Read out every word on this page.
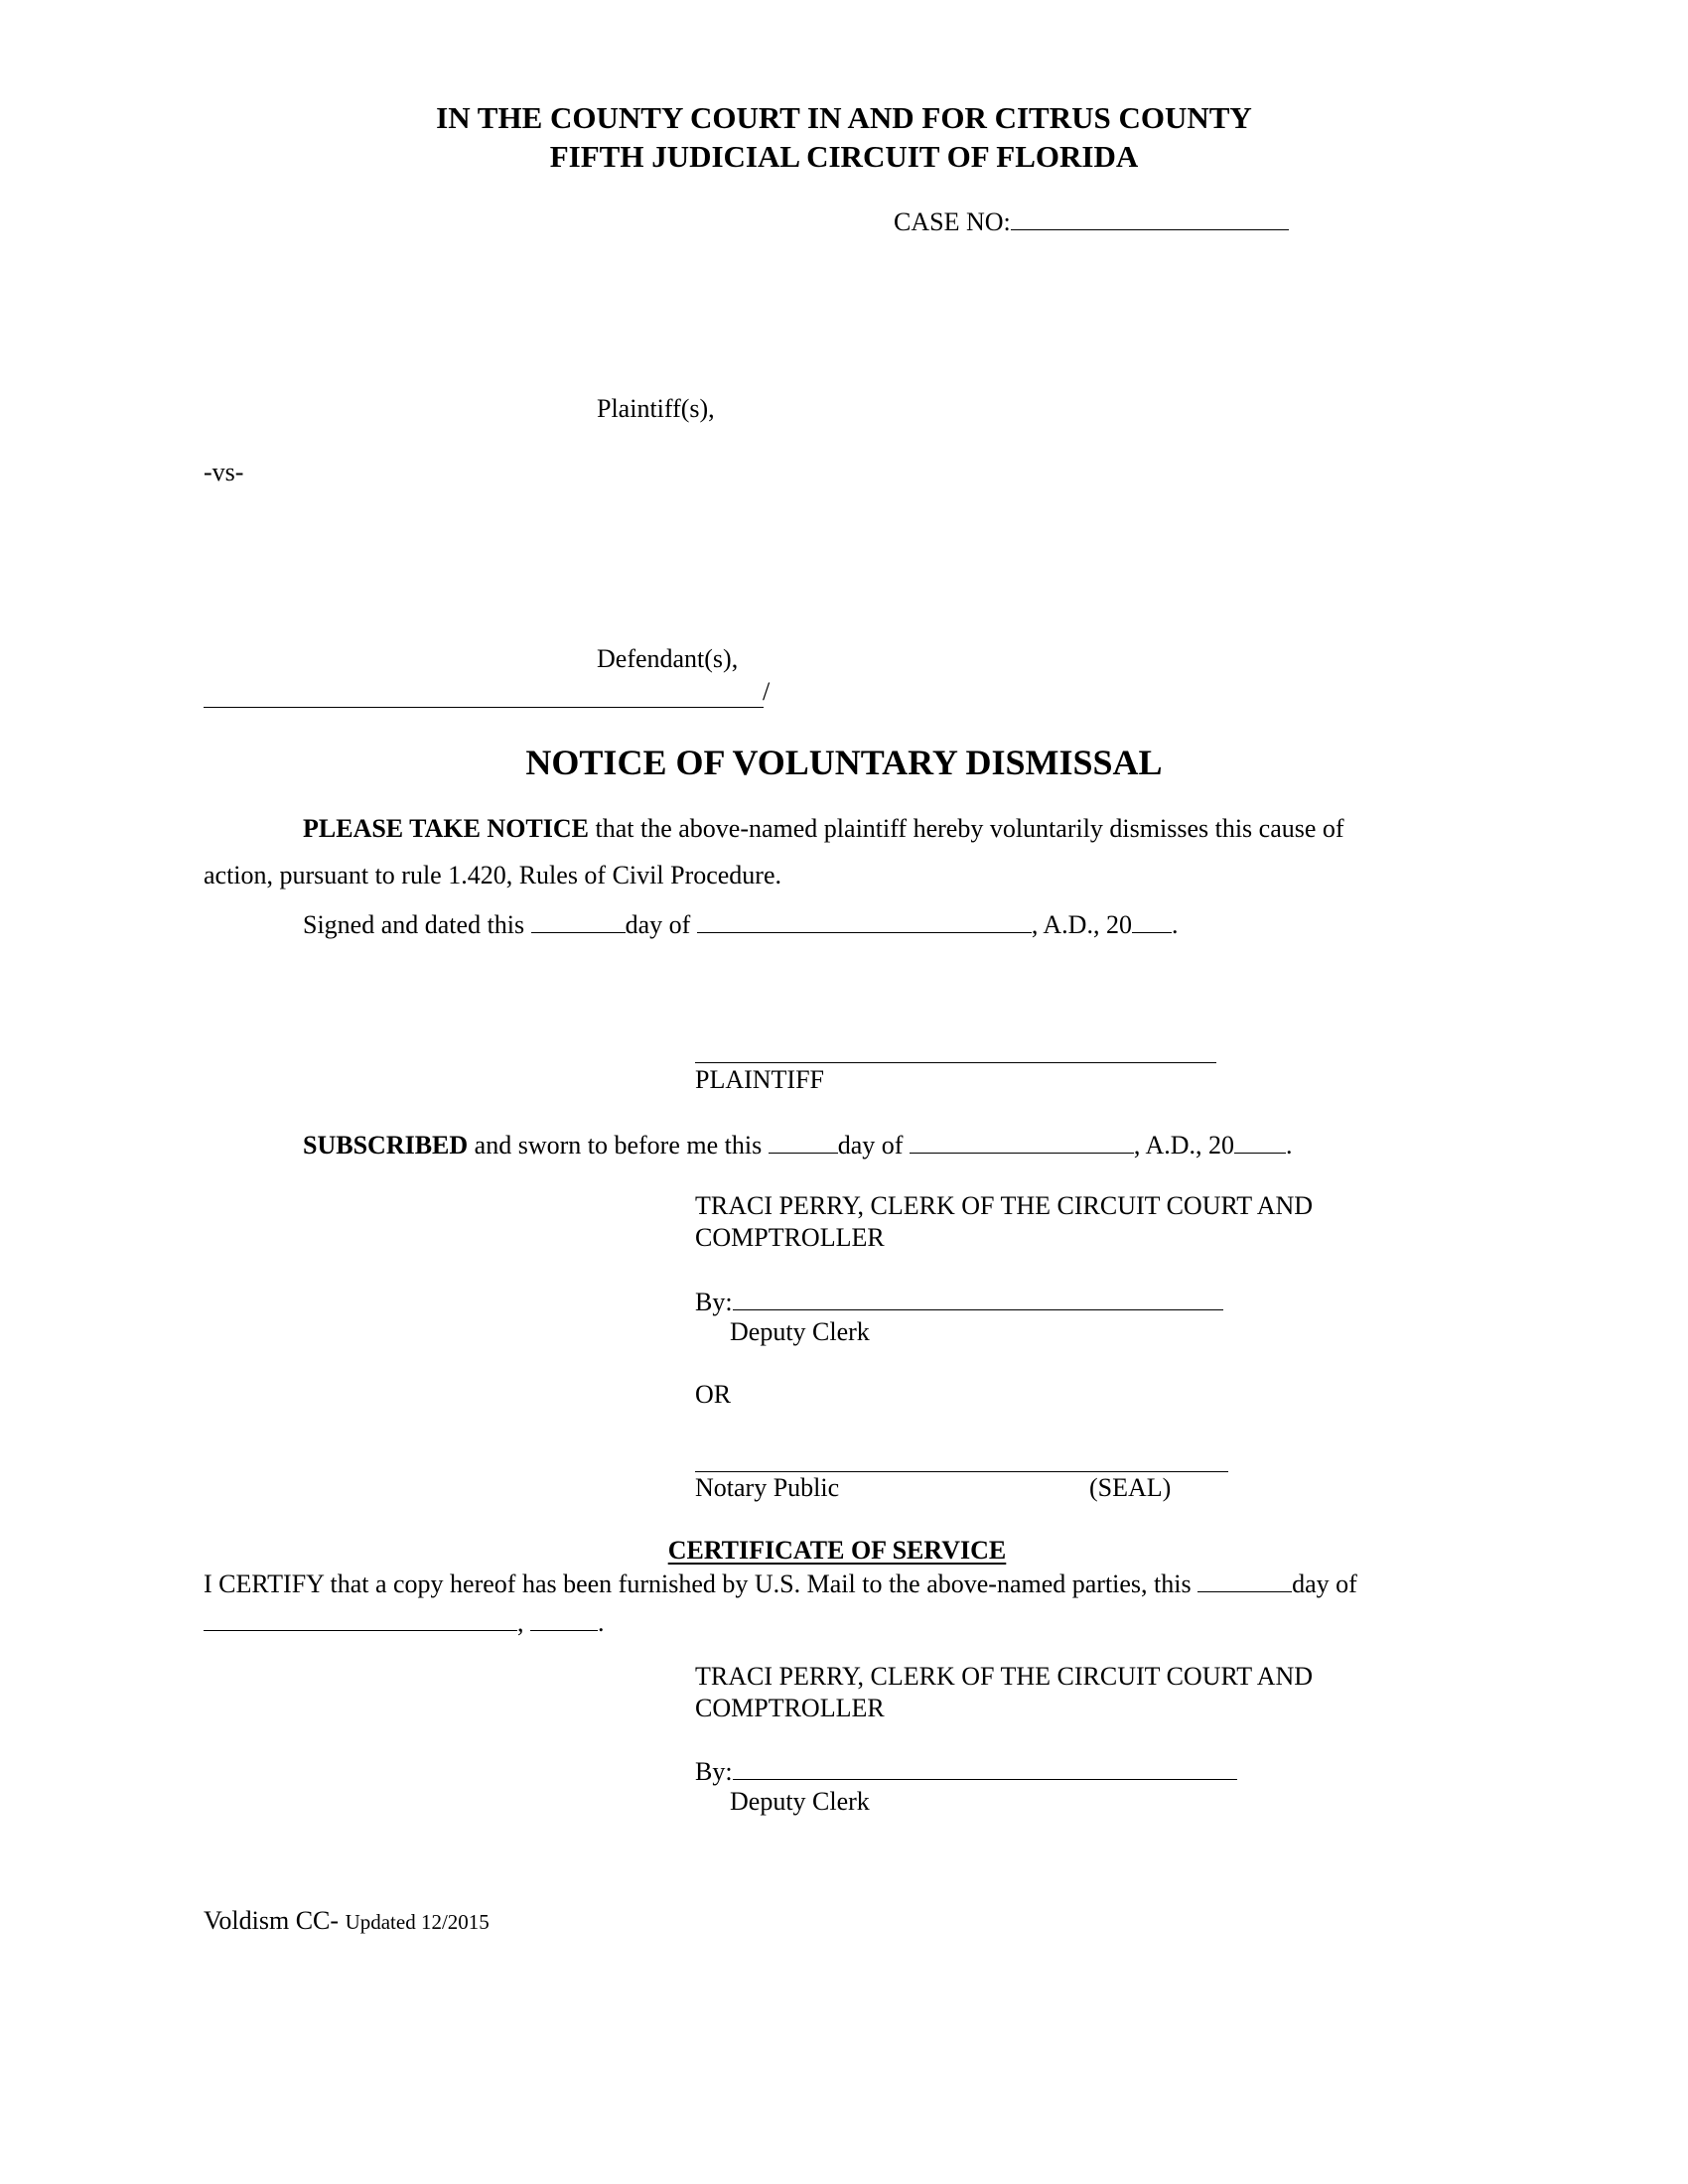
IN THE COUNTY COURT IN AND FOR CITRUS COUNTY
FIFTH JUDICIAL CIRCUIT OF FLORIDA
CASE NO:
Plaintiff(s),
-vs-
Defendant(s),
/
NOTICE OF VOLUNTARY DISMISSAL
PLEASE TAKE NOTICE that the above-named plaintiff hereby voluntarily dismisses this cause of
action, pursuant to rule 1.420, Rules of Civil Procedure.
Signed and dated this	day of	, A.D., 20 .
PLAINTIFF
SUBSCRIBED and sworn to before me this	day of	, A.D., 20 .
TRACI PERRY, CLERK OF THE CIRCUIT COURT AND
COMPTROLLER
By:
Deputy Clerk
OR
Notary Public	(SEAL)
CERTIFICATE OF SERVICE
I CERTIFY that a copy hereof has been furnished by U.S. Mail to the above-named parties, this	day of
,	.
TRACI PERRY, CLERK OF THE CIRCUIT COURT AND
COMPTROLLER
By:
Deputy Clerk
Voldism CC- Updated 12/2015
